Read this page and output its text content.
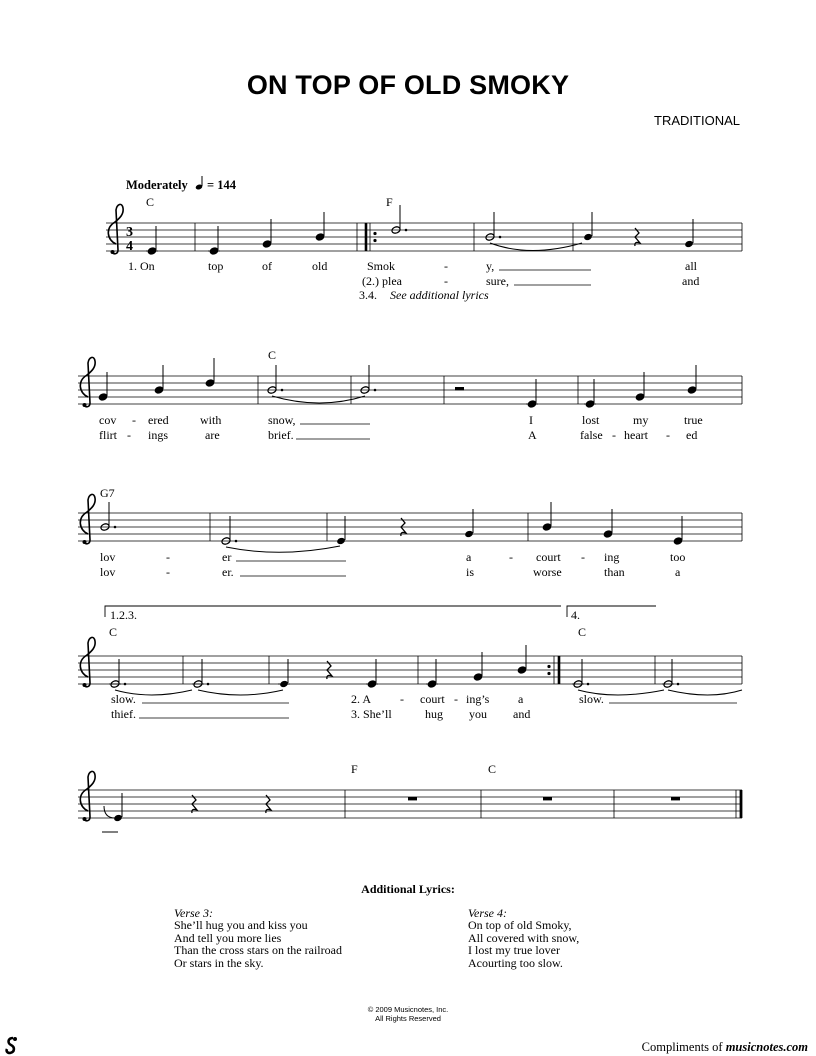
ON TOP OF OLD SMOKY
TRADITIONAL
Moderately = 144
3
4
C	F
1. On	top	of	old	Smok	-	y,	all
(2.) plea	-	sure,	and
3.4. See additional lyrics
C
cov - ered	with	snow,	I	lost	my	true
flirt - ings	are	brief.	A	false - heart - ed
G7
lov	-	er	a	- court - ing	too
lov	-	er.	is	worse	than	a
1.2.3.	4.
C	C
slow.	2. A - court - ing’s a	slow.
thief.	3. She’ll	hug you and
F	C
Additional Lyrics:
Verse 3:
She’ll hug you and kiss you
And tell you more lies
Than the cross stars on the railroad
Or stars in the sky.
Verse 4:
On top of old Smoky,
All covered with snow,
I lost my true lover
Acourting too slow.
© 2009 Musicnotes, Inc.
All Rights Reserved
Compliments of musicnotes.com
